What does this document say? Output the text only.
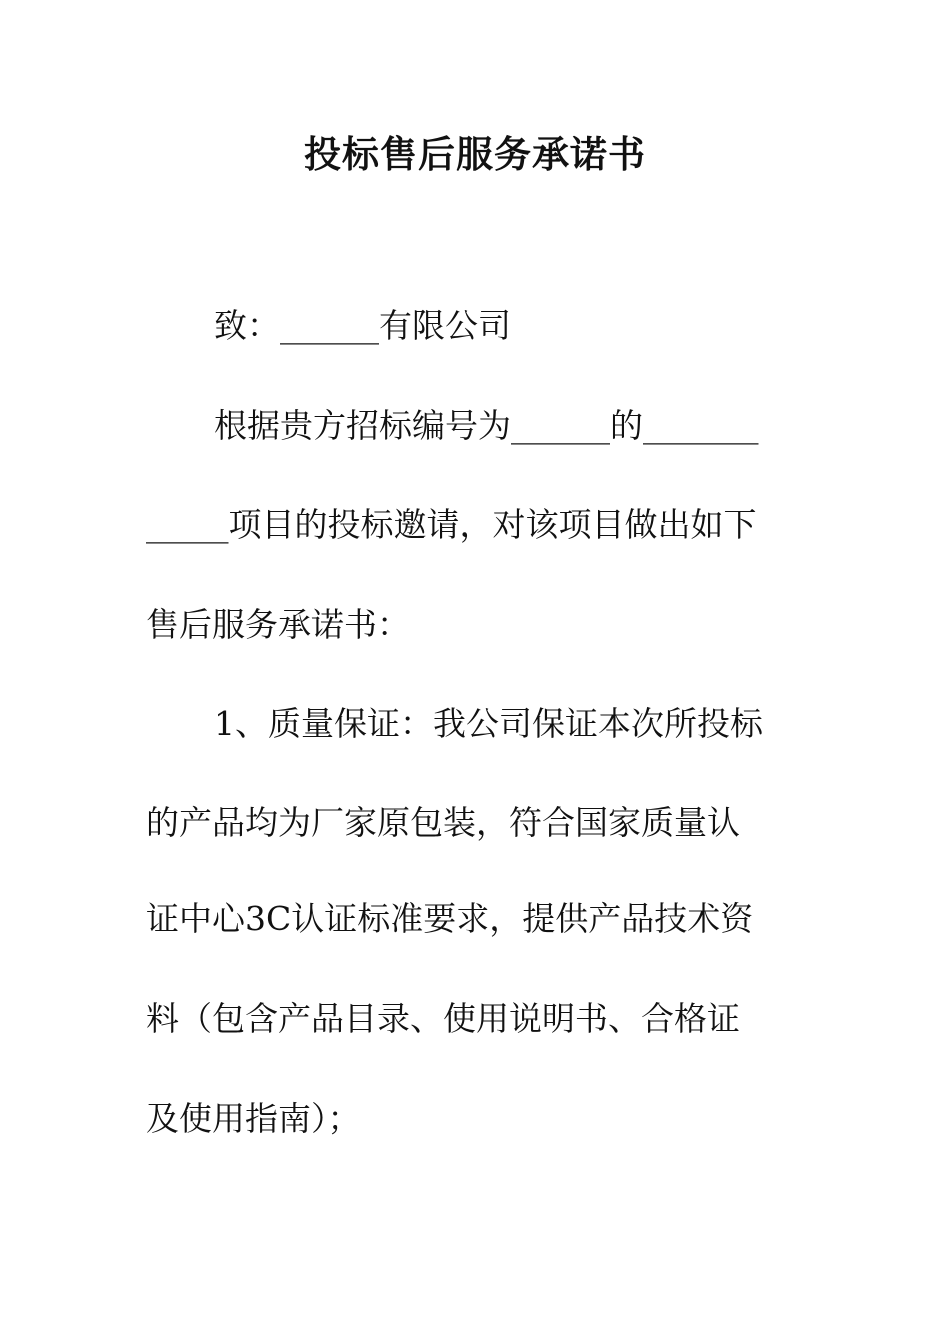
投标售后服务承诺书
致：______有限公司
根据贵方招标编号为______的_______
_____项目的投标邀请，对该项目做出如下
售后服务承诺书：
1、质量保证：我公司保证本次所投标
的产品均为厂家原包装，符合国家质量认
证中心3C认证标准要求，提供产品技术资
料（包含产品目录、使用说明书、合格证
及使用指南）；
